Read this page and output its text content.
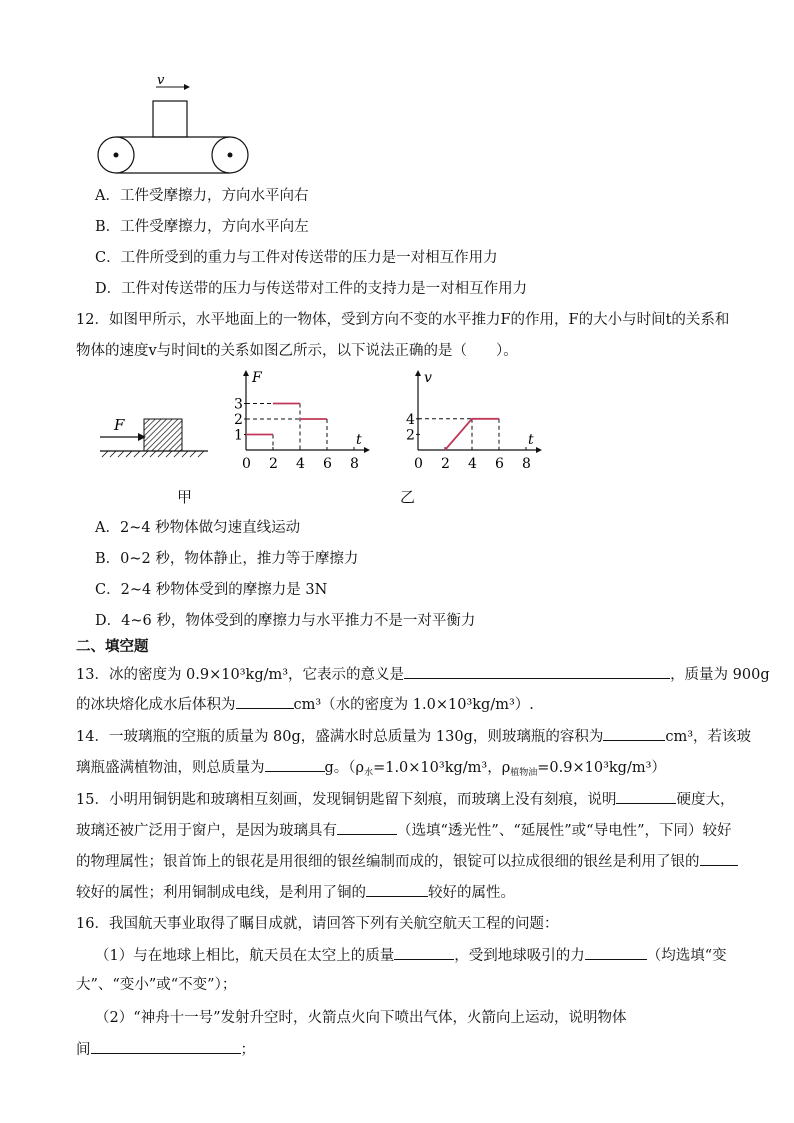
v
A．工件受摩擦力，方向水平向右
B．工件受摩擦力，方向水平向左
C．工件所受到的重力与工件对传送带的压力是一对相互作用力
D．工件对传送带的压力与传送带对工件的支持力是一对相互作用力
12．如图甲所示，水平地面上的一物体，受到方向不变的水平推力F的作用，F的大小与时间t的关系和
物体的速度v与时间t的关系如图乙所示，以下说法正确的是（　　）。
F
F
t
0 2 4 6 8
1
2
3
v
t
0 2 4 6 8
2
4
甲	乙
A．2~4 秒物体做匀速直线运动
B．0~2 秒，物体静止，推力等于摩擦力
C．2~4 秒物体受到的摩擦力是 3N
D．4~6 秒，物体受到的摩擦力与水平推力不是一对平衡力
二、填空题
13．冰的密度为 0.9×10³kg/m³，它表示的意义是	，质量为 900g
的冰块熔化成水后体积为	cm³（水的密度为 1.0×10³kg/m³）.
14．一玻璃瓶的空瓶的质量为 80g，盛满水时总质量为 130g，则玻璃瓶的容积为	cm³，若该玻
璃瓶盛满植物油，则总质量为	g。（$\rho_水=1.0\times 10^3kg/m^3$，$\rho_{植物油}=0.9\times 10^3kg/m^3$）
15．小明用铜钥匙和玻璃相互刻画，发现铜钥匙留下刻痕，而玻璃上没有刻痕，说明	硬度大，
玻璃还被广泛用于窗户，是因为玻璃具有	（选填“透光性”、“延展性”或“导电性”，下同）较好
的物理属性；银首饰上的银花是用很细的银丝编制而成的，银锭可以拉成很细的银丝是利用了银的
较好的属性；利用铜制成电线，是利用了铜的	较好的属性。
16．我国航天事业取得了瞩目成就，请回答下列有关航空航天工程的问题：
（1）与在地球上相比，航天员在太空上的质量	，受到地球吸引的力	（均选填“变
大”、“变小”或“不变”）；
（2）“神舟十一号”发射升空时，火箭点火向下喷出气体，火箭向上运动，说明物体
间	；
